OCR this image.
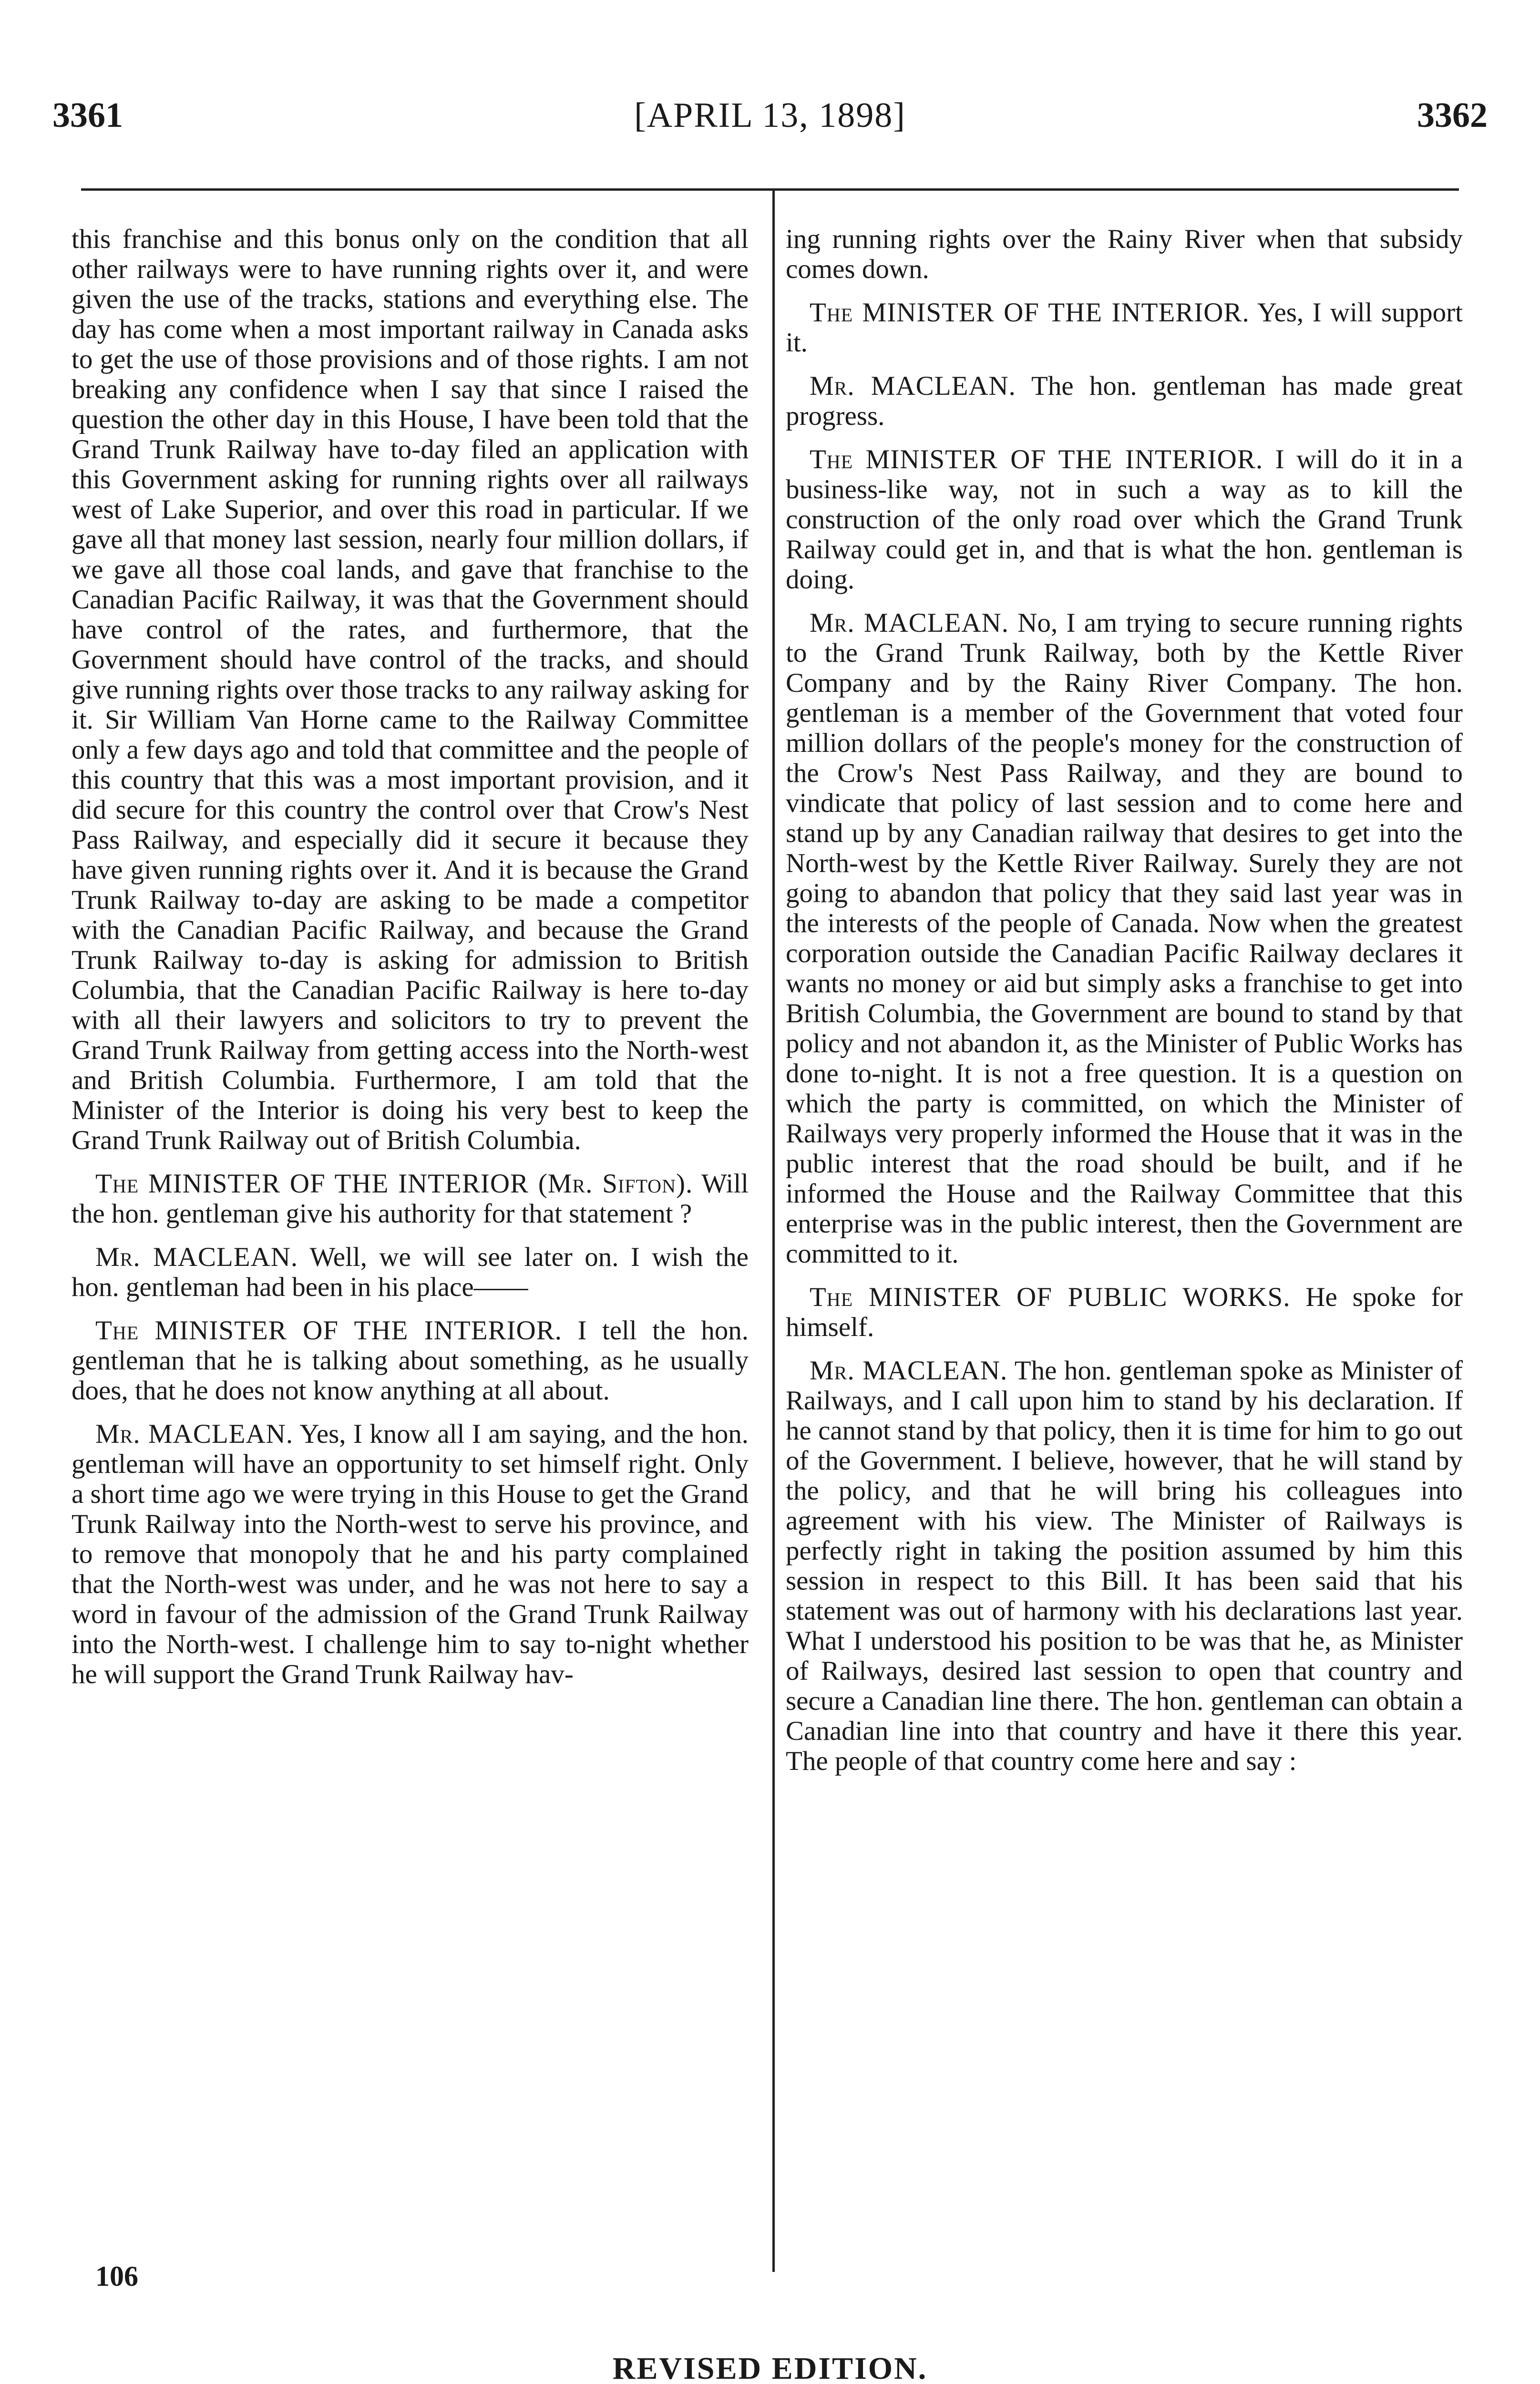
3361	[APRIL 13, 1898]	3362

this franchise and this bonus only on the condition that all other railways were to have running rights over it, and were given the use of the tracks, stations and everything else. The day has come when a most important railway in Canada asks to get the use of those provisions and of those rights. I am not breaking any confidence when I say that since I raised the question the other day in this House, I have been told that the Grand Trunk Railway have to-day filed an application with this Government asking for running rights over all railways west of Lake Superior, and over this road in particular. If we gave all that money last session, nearly four million dollars, if we gave all those coal lands, and gave that franchise to the Canadian Pacific Railway, it was that the Government should have control of the rates, and furthermore, that the Government should have control of the tracks, and should give running rights over those tracks to any railway asking for it. Sir William Van Horne came to the Railway Committee only a few days ago and told that committee and the people of this country that this was a most important provision, and it did secure for this country the control over that Crow's Nest Pass Railway, and especially did it secure it because they have given running rights over it. And it is because the Grand Trunk Railway to-day are asking to be made a competitor with the Canadian Pacific Railway, and because the Grand Trunk Railway to-day is asking for admission to British Columbia, that the Canadian Pacific Railway is here to-day with all their lawyers and solicitors to try to prevent the Grand Trunk Railway from getting access into the North-west and British Columbia. Furthermore, I am told that the Minister of the Interior is doing his very best to keep the Grand Trunk Railway out of British Columbia.

The MINISTER OF THE INTERIOR (Mr. Sifton). Will the hon. gentleman give his authority for that statement ?

Mr. MACLEAN. Well, we will see later on. I wish the hon. gentleman had been in his place——

The MINISTER OF THE INTERIOR. I tell the hon. gentleman that he is talking about something, as he usually does, that he does not know anything at all about.

Mr. MACLEAN. Yes, I know all I am saying, and the hon. gentleman will have an opportunity to set himself right. Only a short time ago we were trying in this House to get the Grand Trunk Railway into the North-west to serve his province, and to remove that monopoly that he and his party complained that the North-west was under, and he was not here to say a word in favour of the admission of the Grand Trunk Railway into the North-west. I challenge him to say to-night whether he will support the Grand Trunk Railway hav-

ing running rights over the Rainy River when that subsidy comes down.

The MINISTER OF THE INTERIOR. Yes, I will support it.

Mr. MACLEAN. The hon. gentleman has made great progress.

The MINISTER OF THE INTERIOR. I will do it in a business-like way, not in such a way as to kill the construction of the only road over which the Grand Trunk Railway could get in, and that is what the hon. gentleman is doing.

Mr. MACLEAN. No, I am trying to secure running rights to the Grand Trunk Railway, both by the Kettle River Company and by the Rainy River Company. The hon. gentleman is a member of the Government that voted four million dollars of the people's money for the construction of the Crow's Nest Pass Railway, and they are bound to vindicate that policy of last session and to come here and stand up by any Canadian railway that desires to get into the North-west by the Kettle River Railway. Surely they are not going to abandon that policy that they said last year was in the interests of the people of Canada. Now when the greatest corporation outside the Canadian Pacific Railway declares it wants no money or aid but simply asks a franchise to get into British Columbia, the Government are bound to stand by that policy and not abandon it, as the Minister of Public Works has done to-night. It is not a free question. It is a question on which the party is committed, on which the Minister of Railways very properly informed the House that it was in the public interest that the road should be built, and if he informed the House and the Railway Committee that this enterprise was in the public interest, then the Government are committed to it.

The MINISTER OF PUBLIC WORKS. He spoke for himself.

Mr. MACLEAN. The hon. gentleman spoke as Minister of Railways, and I call upon him to stand by his declaration. If he cannot stand by that policy, then it is time for him to go out of the Government. I believe, however, that he will stand by the policy, and that he will bring his colleagues into agreement with his view. The Minister of Railways is perfectly right in taking the position assumed by him this session in respect to this Bill. It has been said that his statement was out of harmony with his declarations last year. What I understood his position to be was that he, as Minister of Railways, desired last session to open that country and secure a Canadian line there. The hon. gentleman can obtain a Canadian line into that country and have it there this year. The people of that country come here and say :

106
REVISED EDITION.
